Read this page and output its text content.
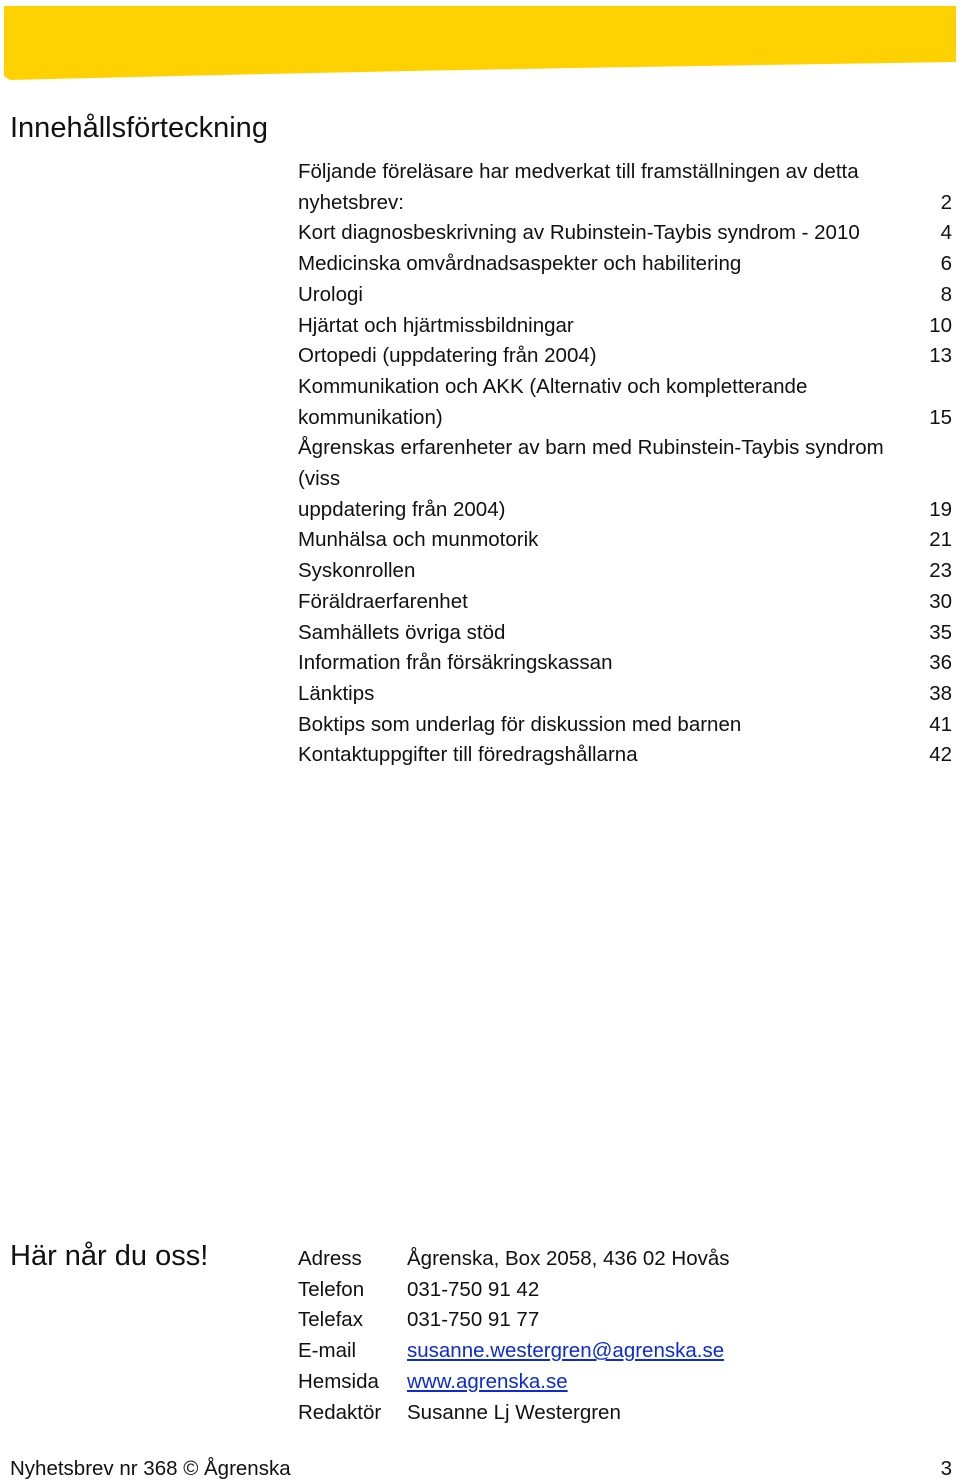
Innehållsförteckning
Följande föreläsare har medverkat till framställningen av detta
nyhetsbrev:	2
Kort diagnosbeskrivning av Rubinstein-Taybis syndrom - 2010	4
Medicinska omvårdnadsaspekter och habilitering	6
Urologi	8
Hjärtat och hjärtmissbildningar	10
Ortopedi (uppdatering från 2004)	13
Kommunikation och AKK (Alternativ och kompletterande
kommunikation)	15
Ågrenskas erfarenheter av barn med Rubinstein-Taybis syndrom (viss
uppdatering från 2004)	19
Munhälsa och munmotorik	21
Syskonrollen	23
Föräldraerfarenhet	30
Samhällets övriga stöd	35
Information från försäkringskassan	36
Länktips	38
Boktips som underlag för diskussion med barnen	41
Kontaktuppgifter till föredragshållarna	42
Här når du oss!	Adress	Ågrenska, Box 2058, 436 02 Hovås
Telefon	031-750 91 42
Telefax	031-750 91 77
E-mail	susanne.westergren@agrenska.se
Hemsida	www.agrenska.se
Redaktör	Susanne Lj Westergren
Nyhetsbrev nr 368 © Ågrenska	3
